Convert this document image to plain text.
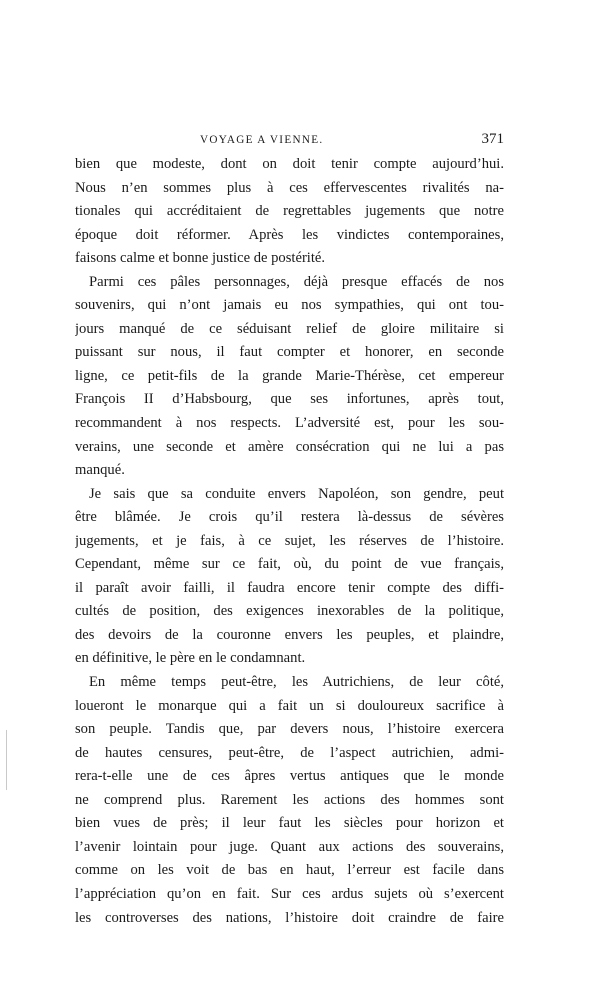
VOYAGE A VIENNE.	371
bien que modeste, dont on doit tenir compte aujourd’hui.
Nous n’en sommes plus à ces effervescentes rivalités na-
tionales qui accréditaient de regrettables jugements que notre
époque doit réformer. Après les vindictes contemporaines,
faisons calme et bonne justice de postérité.
Parmi ces pâles personnages, déjà presque effacés de nos
souvenirs, qui n’ont jamais eu nos sympathies, qui ont tou-
jours manqué de ce séduisant relief de gloire militaire si
puissant sur nous, il faut compter et honorer, en seconde
ligne, ce petit-fils de la grande Marie-Thérèse, cet empereur
François II d’Habsbourg, que ses infortunes, après tout,
recommandent à nos respects. L’adversité est, pour les sou-
verains, une seconde et amère consécration qui ne lui a pas
manqué.
Je sais que sa conduite envers Napoléon, son gendre, peut
être blâmée. Je crois qu’il restera là-dessus de sévères
jugements, et je fais, à ce sujet, les réserves de l’histoire.
Cependant, même sur ce fait, où, du point de vue français,
il paraît avoir failli, il faudra encore tenir compte des diffi-
cultés de position, des exigences inexorables de la politique,
des devoirs de la couronne envers les peuples, et plaindre,
en définitive, le père en le condamnant.
En même temps peut-être, les Autrichiens, de leur côté,
loueront le monarque qui a fait un si douloureux sacrifice à
son peuple. Tandis que, par devers nous, l’histoire exercera
de hautes censures, peut-être, de l’aspect autrichien, admi-
rera-t-elle une de ces âpres vertus antiques que le monde
ne comprend plus. Rarement les actions des hommes sont
bien vues de près; il leur faut les siècles pour horizon et
l’avenir lointain pour juge. Quant aux actions des souverains,
comme on les voit de bas en haut, l’erreur est facile dans
l’appréciation qu’on en fait. Sur ces ardus sujets où s’exercent
les controverses des nations, l’histoire doit craindre de faire
